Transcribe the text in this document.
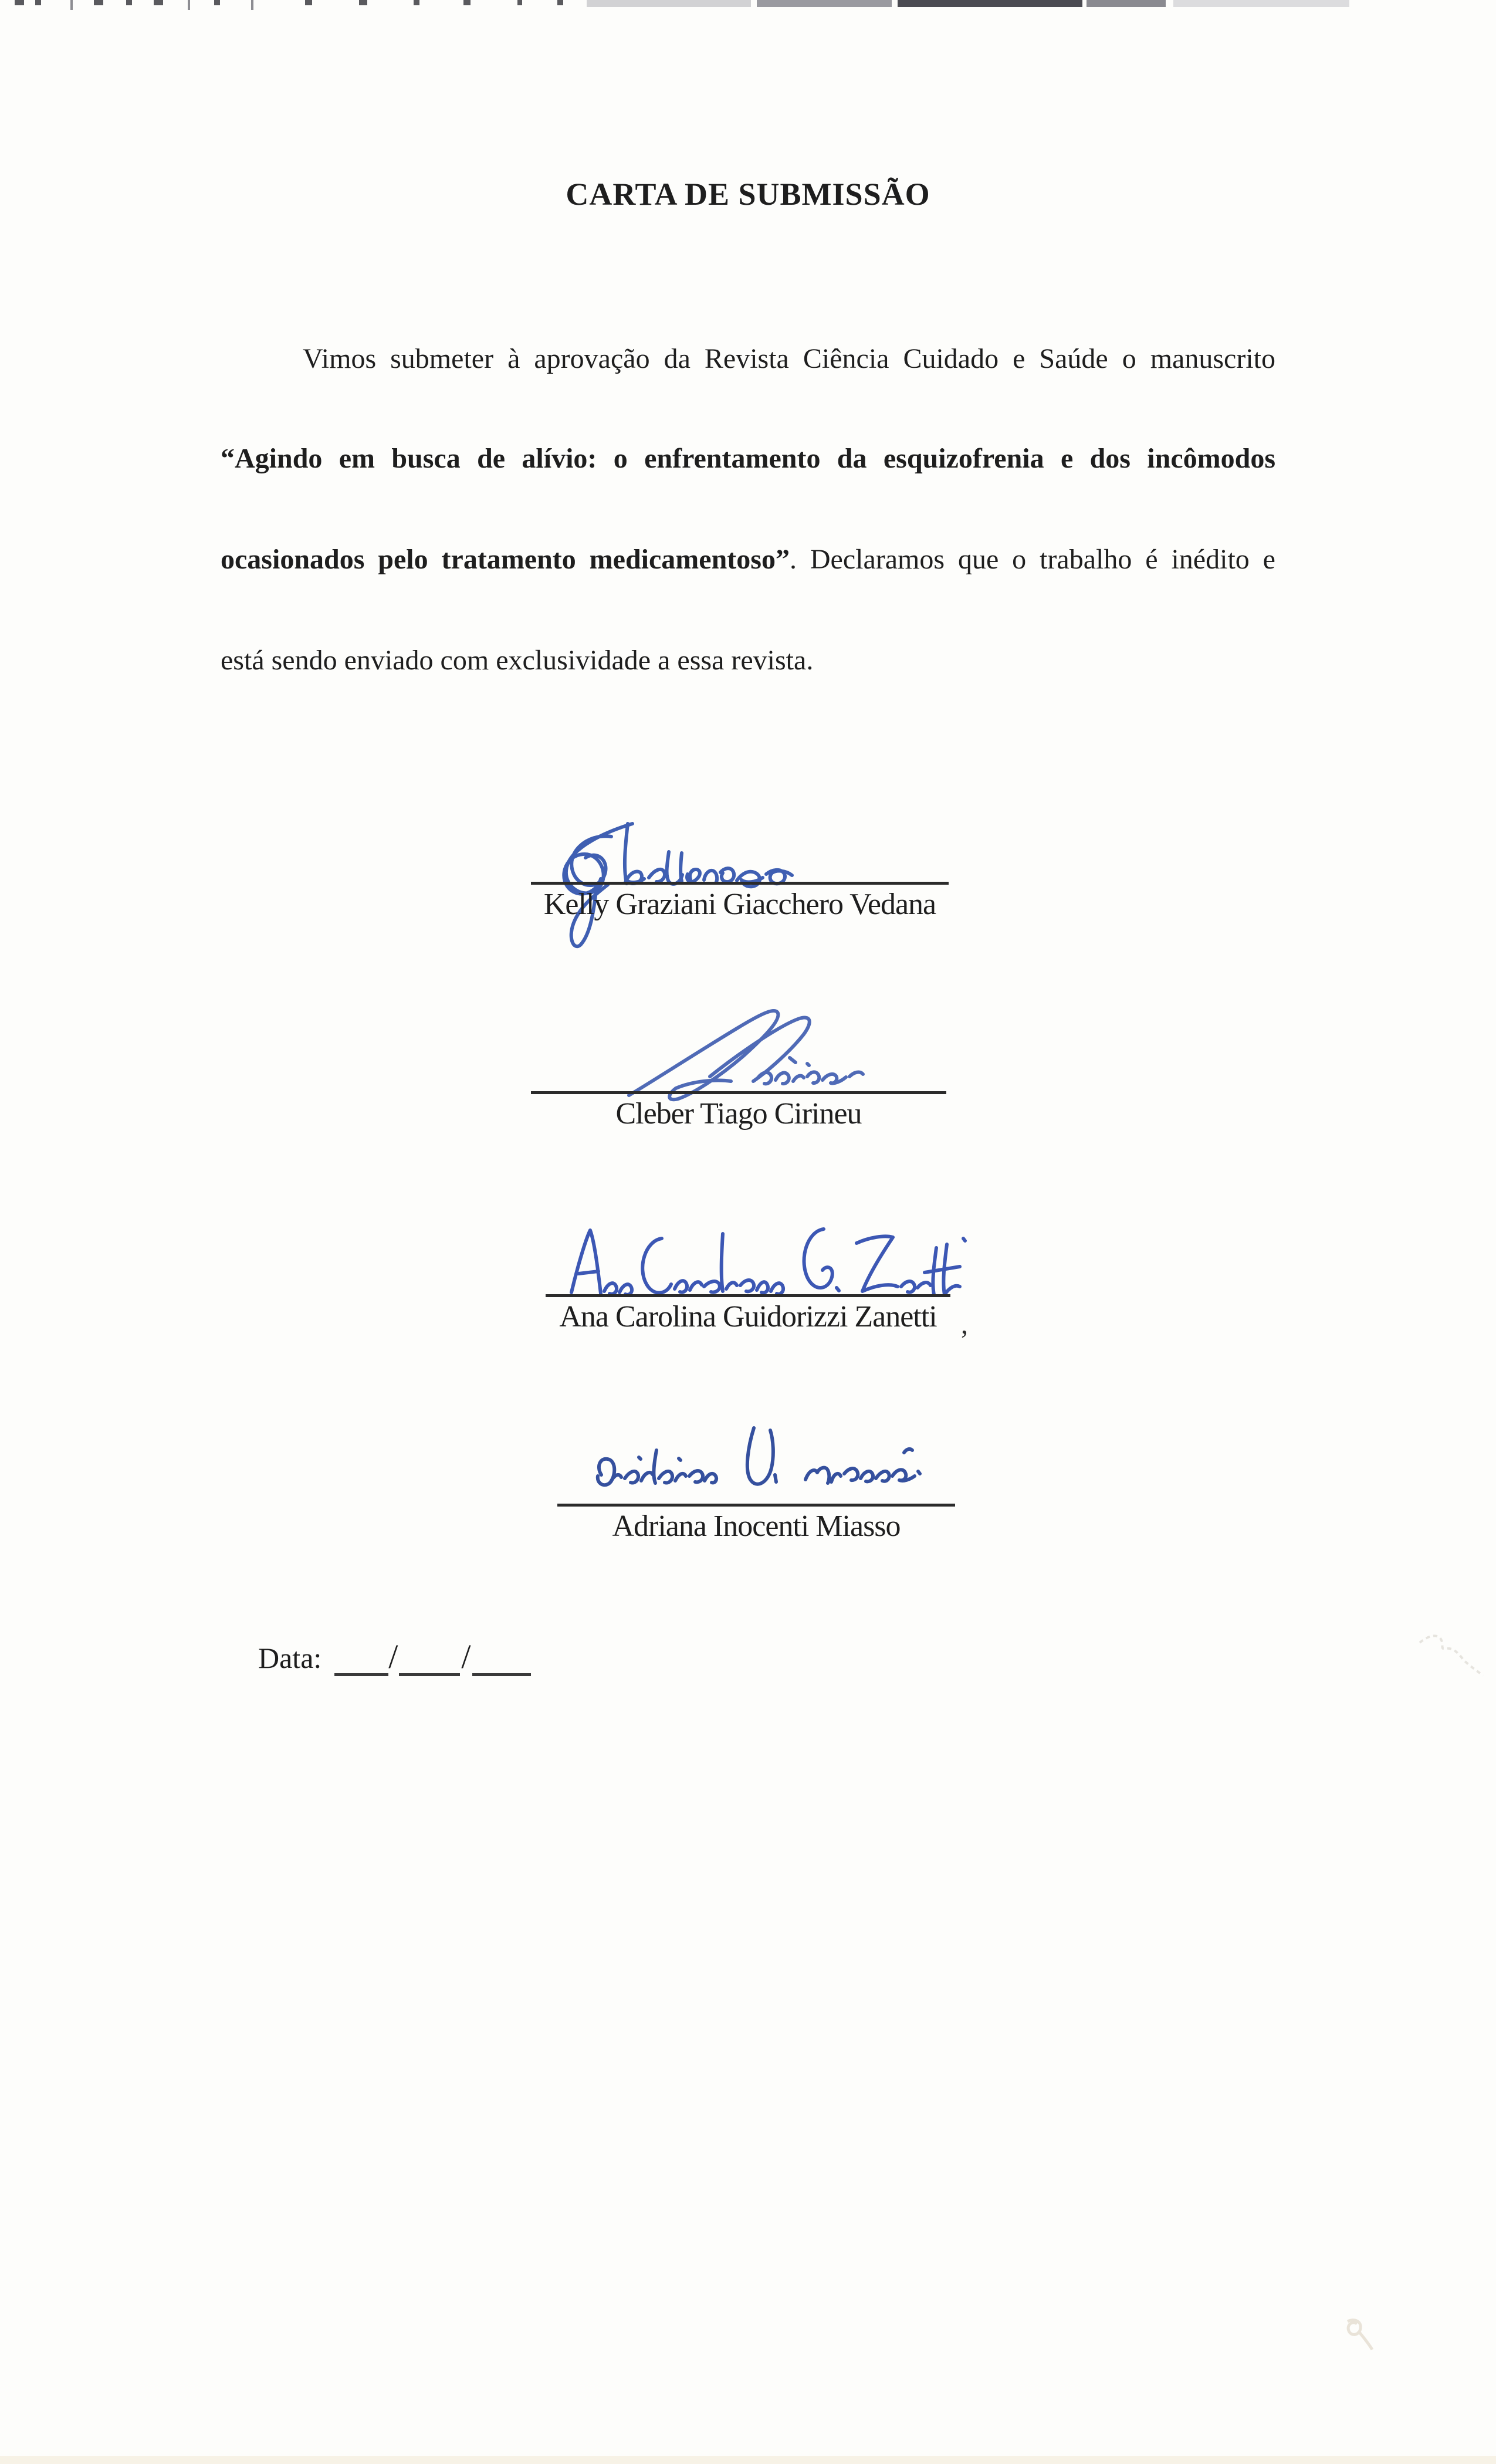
CARTA DE SUBMISSÃO
Vimos submeter à aprovação da Revista Ciência Cuidado e Saúde o manuscrito
“Agindo em busca de alívio: o enfrentamento da esquizofrenia e dos incômodos
ocasionados pelo tratamento medicamentoso”. Declaramos que o trabalho é inédito e
está sendo enviado com exclusividade a essa revista.
Kelly Graziani Giacchero Vedana
Cleber Tiago Cirineu
Ana Carolina Guidorizzi Zanetti ,
Adriana Inocenti Miasso
Data: / /
